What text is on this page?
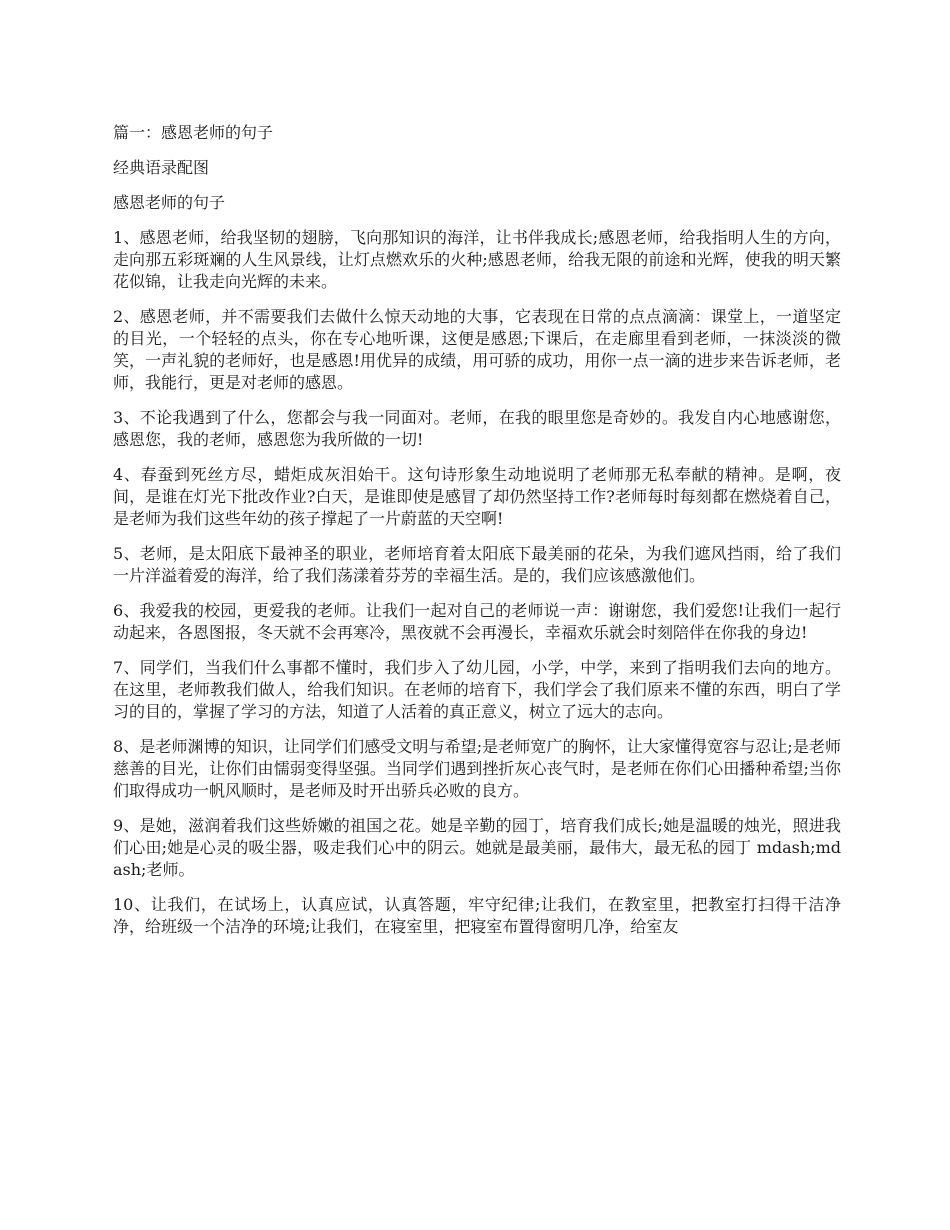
篇一：感恩老师的句子

经典语录配图

感恩老师的句子

1、感恩老师，给我坚韧的翅膀，飞向那知识的海洋，让书伴我成长;感恩老师，给我指明人生的方向，走向那五彩斑斓的人生风景线，让灯点燃欢乐的火种;感恩老师，给我无限的前途和光辉，使我的明天繁花似锦，让我走向光辉的未来。

2、感恩老师，并不需要我们去做什么惊天动地的大事，它表现在日常的点点滴滴：课堂上，一道坚定的目光，一个轻轻的点头，你在专心地听课，这便是感恩;下课后，在走廊里看到老师，一抹淡淡的微笑，一声礼貌的老师好，也是感恩!用优异的成绩，用可骄的成功，用你一点一滴的进步来告诉老师，老师，我能行，更是对老师的感恩。

3、不论我遇到了什么，您都会与我一同面对。老师，在我的眼里您是奇妙的。我发自内心地感谢您，感恩您，我的老师，感恩您为我所做的一切!

4、春蚕到死丝方尽，蜡炬成灰泪始干。这句诗形象生动地说明了老师那无私奉献的精神。是啊，夜间，是谁在灯光下批改作业?白天，是谁即使是感冒了却仍然坚持工作?老师每时每刻都在燃烧着自己，是老师为我们这些年幼的孩子撑起了一片蔚蓝的天空啊!

5、老师，是太阳底下最神圣的职业，老师培育着太阳底下最美丽的花朵，为我们遮风挡雨，给了我们一片洋溢着爱的海洋，给了我们荡漾着芬芳的幸福生活。是的，我们应该感激他们。

6、我爱我的校园，更爱我的老师。让我们一起对自己的老师说一声：谢谢您，我们爱您!让我们一起行动起来，各恩图报，冬天就不会再寒冷，黑夜就不会再漫长，幸福欢乐就会时刻陪伴在你我的身边!

7、同学们，当我们什么事都不懂时，我们步入了幼儿园，小学，中学，来到了指明我们去向的地方。在这里，老师教我们做人，给我们知识。在老师的培育下，我们学会了我们原来不懂的东西，明白了学习的目的，掌握了学习的方法，知道了人活着的真正意义，树立了远大的志向。

8、是老师渊博的知识，让同学们们感受文明与希望;是老师宽广的胸怀，让大家懂得宽容与忍让;是老师慈善的目光，让你们由懦弱变得坚强。当同学们遇到挫折灰心丧气时，是老师在你们心田播种希望;当你们取得成功一帆风顺时，是老师及时开出骄兵必败的良方。

9、是她，滋润着我们这些娇嫩的祖国之花。她是辛勤的园丁，培育我们成长;她是温暖的烛光，照进我们心田;她是心灵的吸尘器，吸走我们心中的阴云。她就是最美丽，最伟大，最无私的园丁 mdash;mdash;老师。

10、让我们，在试场上，认真应试，认真答题，牢守纪律;让我们，在教室里，把教室打扫得干洁净净，给班级一个洁净的环境;让我们，在寝室里，把寝室布置得窗明几净，给室友
